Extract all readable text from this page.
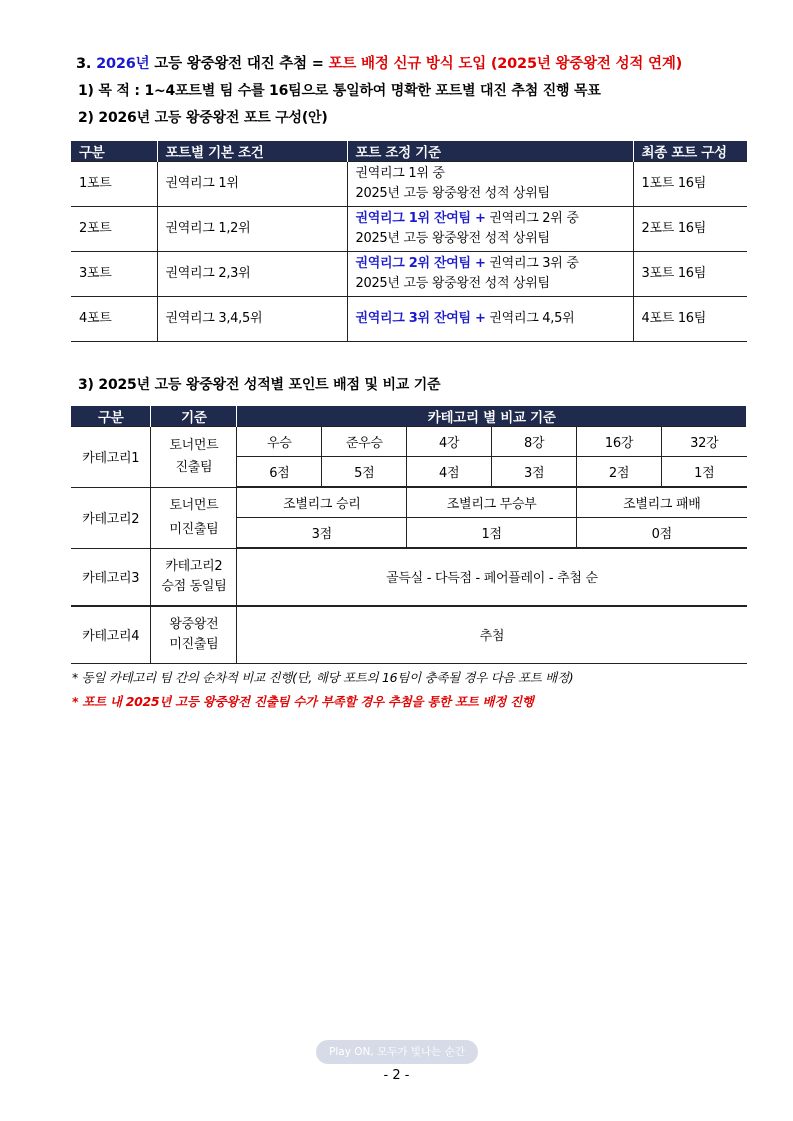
3. 2026년 고등 왕중왕전 대진 추첨 = 포트 배정 신규 방식 도입 (2025년 왕중왕전 성적 연계)
1) 목 적 : 1~4포트별 팀 수를 16팀으로 통일하여 명확한 포트별 대진 추첨 진행 목표
2) 2026년 고등 왕중왕전 포트 구성(안)
구분	포트별 기본 조건	포트 조정 기준	최종 포트 구성
1포트	권역리그 1위	권역리그 1위 중
2025년 고등 왕중왕전 성적 상위팀	1포트 16팀
2포트	권역리그 1,2위	권역리그 1위 잔여팀 + 권역리그 2위 중
2025년 고등 왕중왕전 성적 상위팀	2포트 16팀
3포트	권역리그 2,3위	권역리그 2위 잔여팀 + 권역리그 3위 중
2025년 고등 왕중왕전 성적 상위팀	3포트 16팀
4포트	권역리그 3,4,5위	권역리그 3위 잔여팀 + 권역리그 4,5위	4포트 16팀
3) 2025년 고등 왕중왕전 성적별 포인트 배점 및 비교 기준
구분	기준	카테고리 별 비교 기준					
카테고리1	토너먼트
진출팀	우승	준우승	4강	8강	16강	32강
		6점	5점	4점	3점	2점	1점
카테고리2	토너먼트
미진출팀	조별리그 승리		조별리그 무승부		조별리그 패배	
		3점		1점		0점	
카테고리3	카테고리2
승점 동일팀	골득실 - 다득점 - 페어플레이 - 추첨 순					
카테고리4	왕중왕전
미진출팀	추첨					
* 동일 카테고리 팀 간의 순차적 비교 진행(단, 해당 포트의 16팀이 충족될 경우 다음 포트 배정)
* 포트 내 2025년 고등 왕중왕전 진출팀 수가 부족할 경우 추첨을 통한 포트 배정 진행
Play ON, 모두가 빛나는 순간
- 2 -
